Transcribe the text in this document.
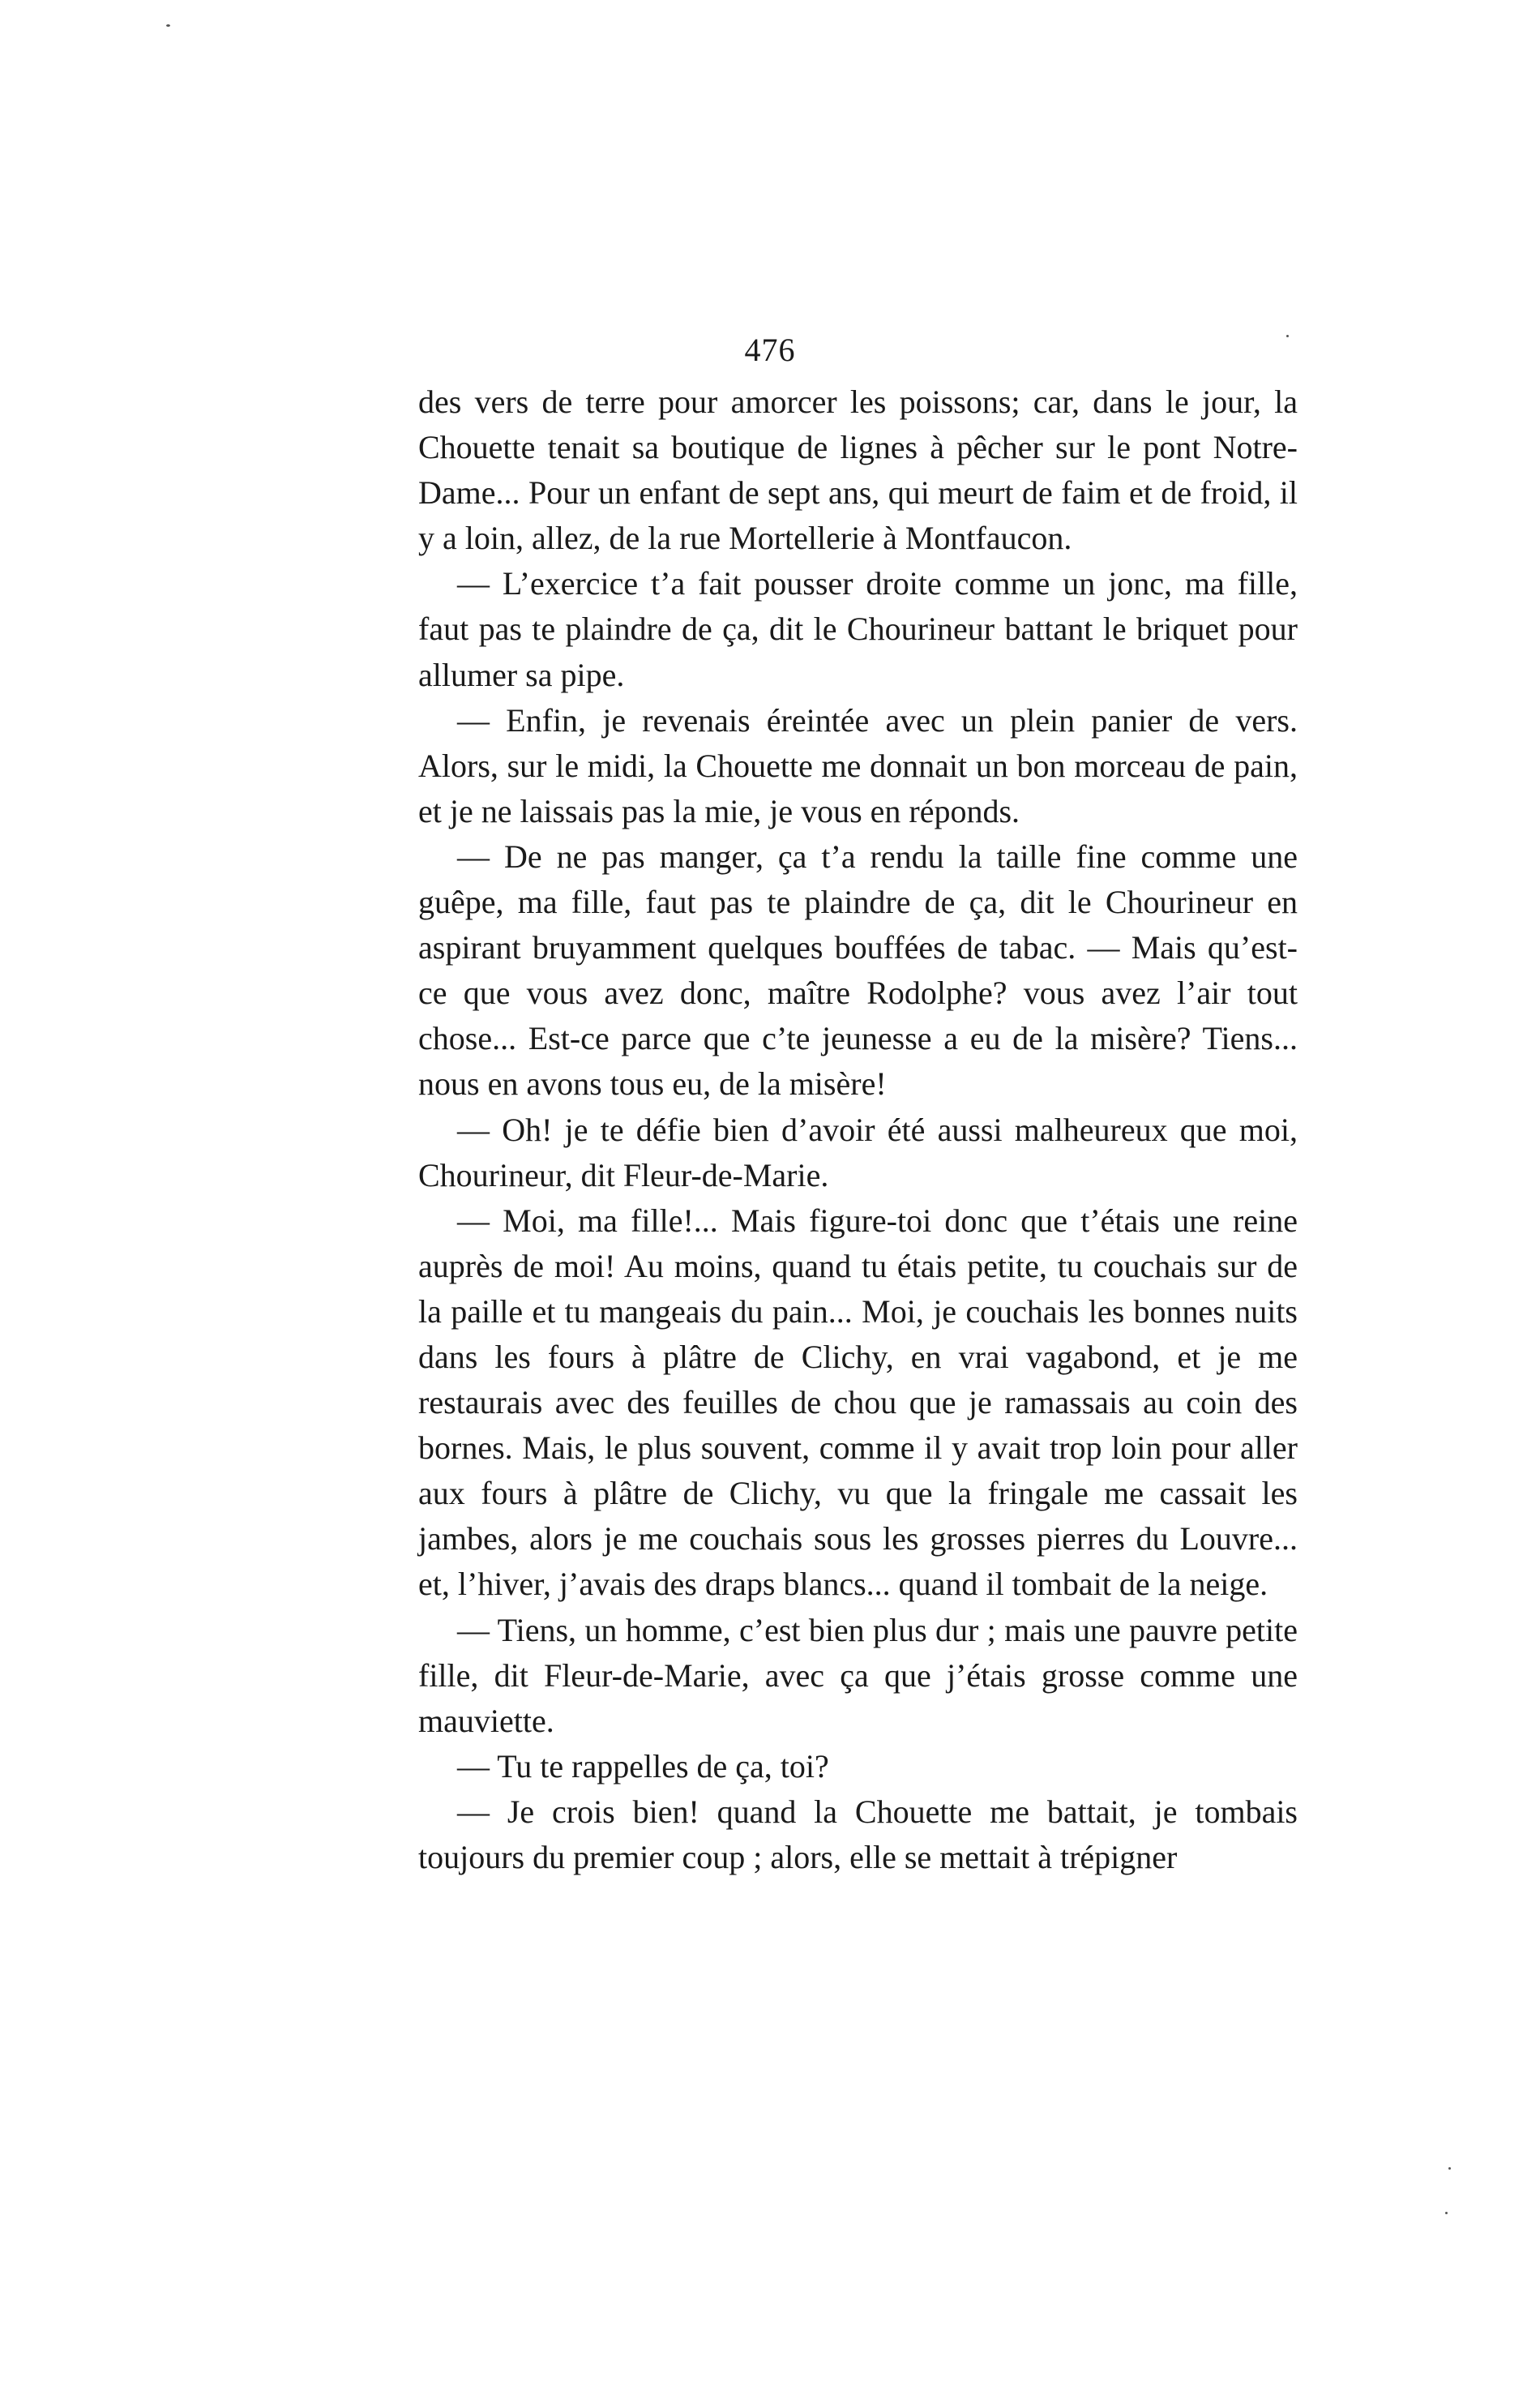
476

des vers de terre pour amorcer les poissons; car, dans le jour, la Chouette tenait sa boutique de lignes à pêcher sur le pont Notre-Dame... Pour un enfant de sept ans, qui meurt de faim et de froid, il y a loin, allez, de la rue Mortellerie à Montfaucon.

— L’exercice t’a fait pousser droite comme un jonc, ma fille, faut pas te plaindre de ça, dit le Chourineur battant le briquet pour allumer sa pipe.

— Enfin, je revenais éreintée avec un plein panier de vers. Alors, sur le midi, la Chouette me donnait un bon morceau de pain, et je ne laissais pas la mie, je vous en réponds.

— De ne pas manger, ça t’a rendu la taille fine comme une guêpe, ma fille, faut pas te plaindre de ça, dit le Chourineur en aspirant bruyamment quelques bouffées de tabac. — Mais qu’est-ce que vous avez donc, maître Rodolphe? vous avez l’air tout chose... Est-ce parce que c’te jeunesse a eu de la misère? Tiens... nous en avons tous eu, de la misère!

— Oh! je te défie bien d’avoir été aussi malheureux que moi, Chourineur, dit Fleur-de-Marie.

— Moi, ma fille!... Mais figure-toi donc que t’étais une reine auprès de moi! Au moins, quand tu étais petite, tu couchais sur de la paille et tu mangeais du pain... Moi, je couchais les bonnes nuits dans les fours à plâtre de Clichy, en vrai vagabond, et je me restaurais avec des feuilles de chou que je ramassais au coin des bornes. Mais, le plus souvent, comme il y avait trop loin pour aller aux fours à plâtre de Clichy, vu que la fringale me cassait les jambes, alors je me couchais sous les grosses pierres du Louvre... et, l’hiver, j’avais des draps blancs... quand il tombait de la neige.

— Tiens, un homme, c’est bien plus dur ; mais une pauvre petite fille, dit Fleur-de-Marie, avec ça que j’étais grosse comme une mauviette.

— Tu te rappelles de ça, toi?

— Je crois bien! quand la Chouette me battait, je tombais toujours du premier coup ; alors, elle se mettait à trépigner
